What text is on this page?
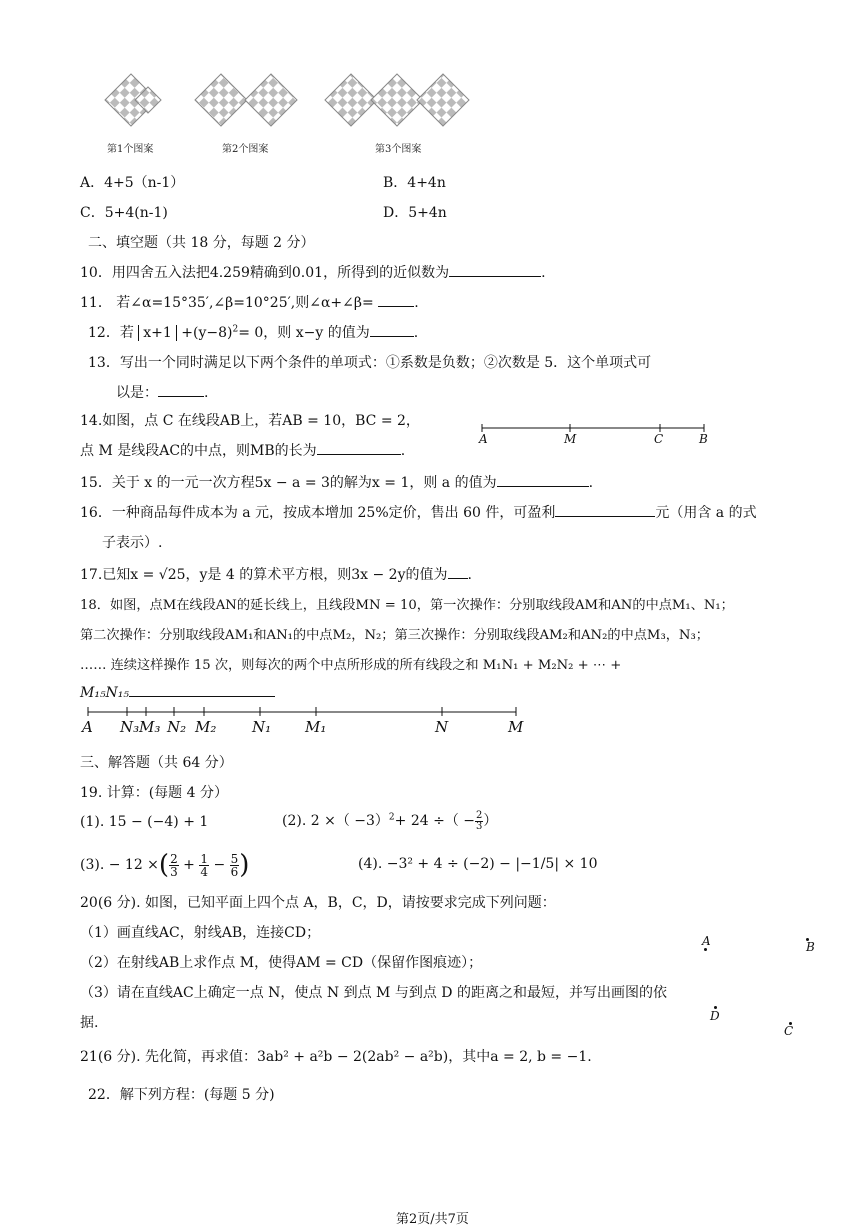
第1个图案	第2个图案	第3个图案
A．4+5（n-1）	B．4+4n
C．5+4(n-1)	D．5+4n
二、填空题（共 18 分，每题 2 分）
10．用四舍五入法把4.259精确到0.01，所得到的近似数为	.
11． 若∠α=15°35′,∠β=10°25′,则∠α+∠β=	.
12．若 $x+1 +(y-8)^2= 0$，则 x−y 的值为	.
13．写出一个同时满足以下两个条件的单项式：①系数是负数；②次数是 5．这个单项式可
以是：	.
14.如图，点 C 在线段AB上，若AB = 10，BC = 2，
点 M 是线段AC的中点，则MB的长为	.
A	M	C	B
15．关于 x 的一元一次方程5x − a = 3的解为x = 1，则 a 的值为	.
16．一种商品每件成本为 a 元，按成本增加 25%定价，售出 60 件，可盈利	元（用含 a 的式
子表示）.
17.已知x = √25，y是 4 的算术平方根，则3x − 2y的值为 .
18．如图，点M在线段AN的延长线上，且线段MN = 10，第一次操作：分别取线段AM和AN的中点M₁、N₁；
第二次操作：分别取线段AM₁和AN₁的中点M₂，N₂；第三次操作：分别取线段AM₂和AN₂的中点M₃，N₃；
…… 连续这样操作 15 次，则每次的两个中点所形成的所有线段之和 M₁N₁ + M₂N₂ + ⋯ +
M₁₅N₁₅
A N₃ M₃ N₂ M₂ N₁ M₁	N	M
三、解答题（共 64 分）
19. 计算：(每题 4 分）
(1). 15 − (−4) + 1	(2). 2 ×（ −3）$^2$+ 24 ÷（ − $\frac{2}{3}$ ）
(3). − 12 ×( $\frac{2}{3} + \frac{1}{4} - \frac{5}{6}$ )	(4). −3² + 4 ÷ (−2) − |−1/5| × 10
20(6 分). 如图，已知平面上四个点 A，B，C，D，请按要求完成下列问题：
（1）画直线AC，射线AB，连接CD；
（2）在射线AB上求作点 M，使得AM = CD（保留作图痕迹）；
（3）请在直线AC上确定一点 N，使点 N 到点 M 与到点 D 的距离之和最短，并写出画图的依
据.
A	B
D
C
21(6 分). 先化简，再求值：3ab² + a²b − 2(2ab² − a²b)，其中a = 2, b = −1.
22．解下列方程：(每题 5 分)
第2页/共7页
